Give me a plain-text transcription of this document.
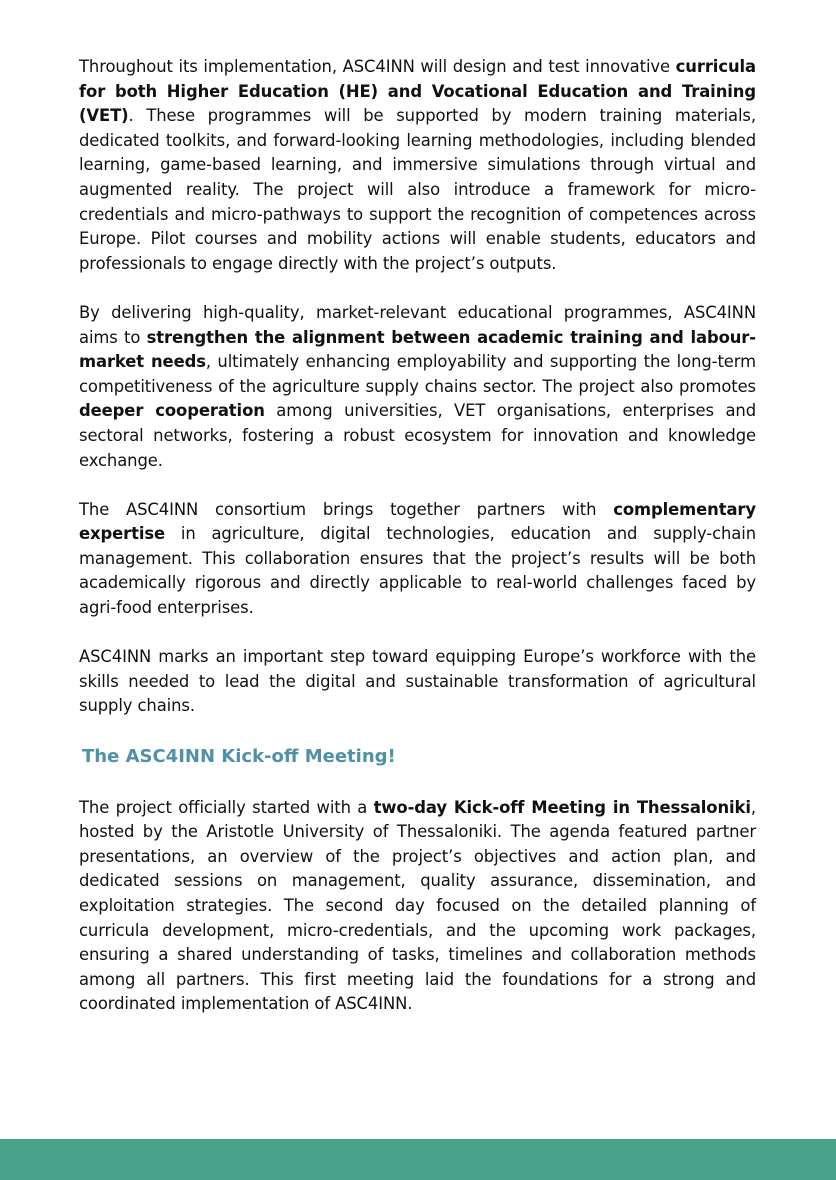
Throughout its implementation, ASC4INN will design and test innovative curricula for both Higher Education (HE) and Vocational Education and Training (VET). These programmes will be supported by modern training materials, dedicated toolkits, and forward-looking learning methodologies, including blended learning, game-based learning, and immersive simulations through virtual and augmented reality. The project will also introduce a framework for micro-credentials and micro-pathways to support the recognition of competences across Europe. Pilot courses and mobility actions will enable students, educators and professionals to engage directly with the project’s outputs.

By delivering high-quality, market-relevant educational programmes, ASC4INN aims to strengthen the alignment between academic training and labour-market needs, ultimately enhancing employability and supporting the long-term competitiveness of the agriculture supply chains sector. The project also promotes deeper cooperation among universities, VET organisations, enterprises and sectoral networks, fostering a robust ecosystem for innovation and knowledge exchange.

The ASC4INN consortium brings together partners with complementary expertise in agriculture, digital technologies, education and supply-chain management. This collaboration ensures that the project’s results will be both academically rigorous and directly applicable to real-world challenges faced by agri-food enterprises.

ASC4INN marks an important step toward equipping Europe’s workforce with the skills needed to lead the digital and sustainable transformation of agricultural supply chains.

The ASC4INN Kick-off Meeting!

The project officially started with a two-day Kick-off Meeting in Thessaloniki, hosted by the Aristotle University of Thessaloniki. The agenda featured partner presentations, an overview of the project’s objectives and action plan, and dedicated sessions on management, quality assurance, dissemination, and exploitation strategies. The second day focused on the detailed planning of curricula development, micro-credentials, and the upcoming work packages, ensuring a shared understanding of tasks, timelines and collaboration methods among all partners. This first meeting laid the foundations for a strong and coordinated implementation of ASC4INN.
